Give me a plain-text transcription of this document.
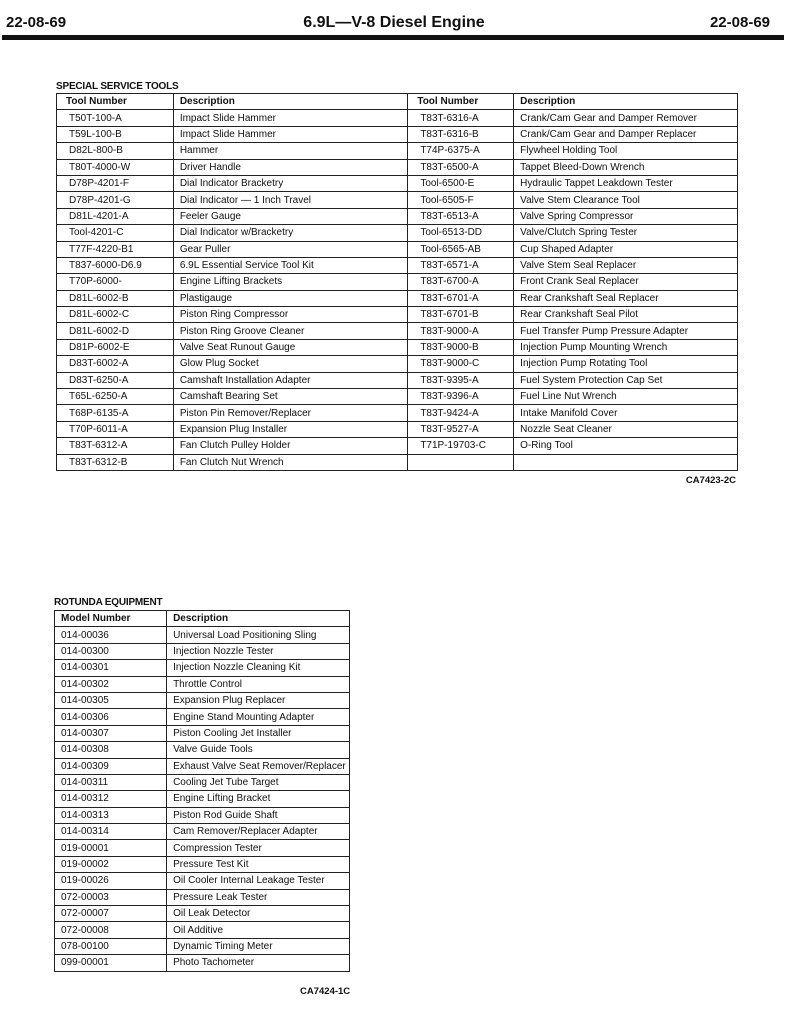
22-08-69	6.9L—V-8 Diesel Engine	22-08-69
SPECIAL SERVICE TOOLS
Tool Number	Description	Tool Number	Description
T50T-100-A	Impact Slide Hammer	T83T-6316-A	Crank/Cam Gear and Damper Remover
T59L-100-B	Impact Slide Hammer	T83T-6316-B	Crank/Cam Gear and Damper Replacer
D82L-800-B	Hammer	T74P-6375-A	Flywheel Holding Tool
T80T-4000-W	Driver Handle	T83T-6500-A	Tappet Bleed-Down Wrench
D78P-4201-F	Dial Indicator Bracketry	Tool-6500-E	Hydraulic Tappet Leakdown Tester
D78P-4201-G	Dial Indicator — 1 Inch Travel	Tool-6505-F	Valve Stem Clearance Tool
D81L-4201-A	Feeler Gauge	T83T-6513-A	Valve Spring Compressor
Tool-4201-C	Dial Indicator w/Bracketry	Tool-6513-DD	Valve/Clutch Spring Tester
T77F-4220-B1	Gear Puller	Tool-6565-AB	Cup Shaped Adapter
T837-6000-D6.9	6.9L Essential Service Tool Kit	T83T-6571-A	Valve Stem Seal Replacer
T70P-6000-	Engine Lifting Brackets	T83T-6700-A	Front Crank Seal Replacer
D81L-6002-B	Plastigauge	T83T-6701-A	Rear Crankshaft Seal Replacer
D81L-6002-C	Piston Ring Compressor	T83T-6701-B	Rear Crankshaft Seal Pilot
D81L-6002-D	Piston Ring Groove Cleaner	T83T-9000-A	Fuel Transfer Pump Pressure Adapter
D81P-6002-E	Valve Seat Runout Gauge	T83T-9000-B	Injection Pump Mounting Wrench
D83T-6002-A	Glow Plug Socket	T83T-9000-C	Injection Pump Rotating Tool
D83T-6250-A	Camshaft Installation Adapter	T83T-9395-A	Fuel System Protection Cap Set
T65L-6250-A	Camshaft Bearing Set	T83T-9396-A	Fuel Line Nut Wrench
T68P-6135-A	Piston Pin Remover/Replacer	T83T-9424-A	Intake Manifold Cover
T70P-6011-A	Expansion Plug Installer	T83T-9527-A	Nozzle Seat Cleaner
T83T-6312-A	Fan Clutch Pulley Holder	T71P-19703-C	O-Ring Tool
T83T-6312-B	Fan Clutch Nut Wrench		
CA7423-2C
ROTUNDA EQUIPMENT
Model Number	Description
014-00036	Universal Load Positioning Sling
014-00300	Injection Nozzle Tester
014-00301	Injection Nozzle Cleaning Kit
014-00302	Throttle Control
014-00305	Expansion Plug Replacer
014-00306	Engine Stand Mounting Adapter
014-00307	Piston Cooling Jet Installer
014-00308	Valve Guide Tools
014-00309	Exhaust Valve Seat Remover/Replacer
014-00311	Cooling Jet Tube Target
014-00312	Engine Lifting Bracket
014-00313	Piston Rod Guide Shaft
014-00314	Cam Remover/Replacer Adapter
019-00001	Compression Tester
019-00002	Pressure Test Kit
019-00026	Oil Cooler Internal Leakage Tester
072-00003	Pressure Leak Tester
072-00007	Oil Leak Detector
072-00008	Oil Additive
078-00100	Dynamic Timing Meter
099-00001	Photo Tachometer
CA7424-1C
